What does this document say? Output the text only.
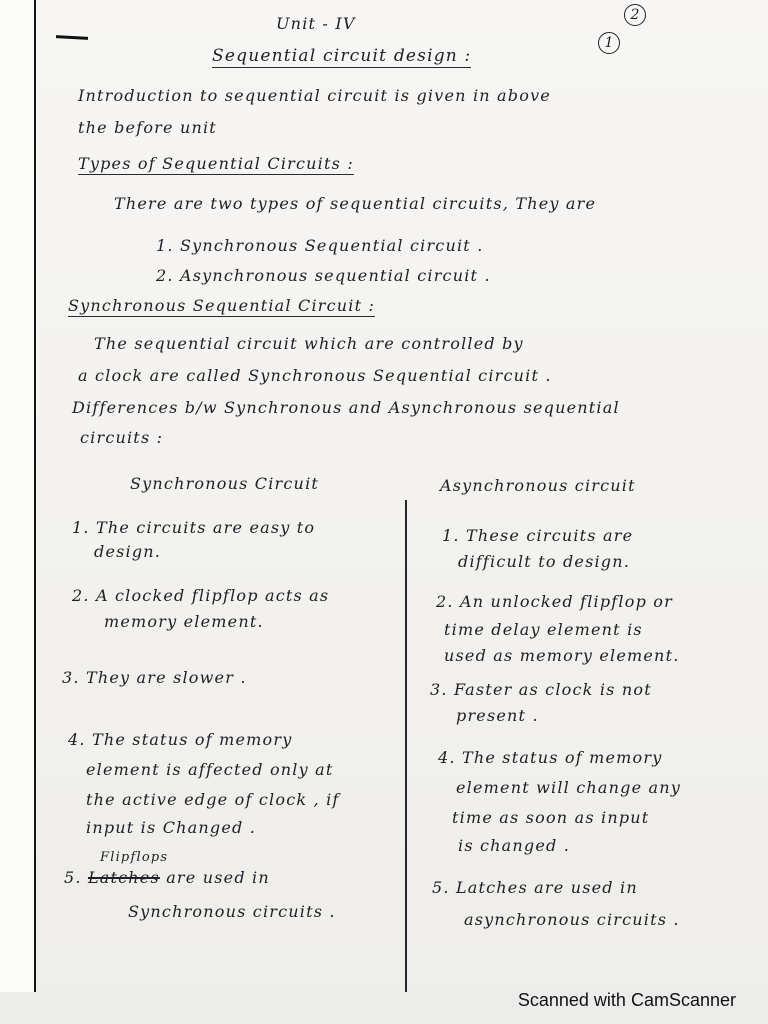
2
1
Unit - IV
Sequential circuit design :
Introduction to sequential circuit is given in above
the before unit
Types of Sequential Circuits :
There are two types of sequential circuits, They are
1. Synchronous Sequential circuit .
2. Asynchronous sequential circuit .
Synchronous Sequential Circuit :
The sequential circuit which are controlled by
a clock are called Synchronous Sequential circuit .
Differences b/w Synchronous and Asynchronous sequential
circuits :
Synchronous Circuit	Asynchronous circuit
1. The circuits are easy to
design.
2. A clocked flipflop acts as
memory element.
3. They are slower .
4. The status of memory
element is affected only at
the active edge of clock , if
input is Changed .
Flipflops
5. Latches are used in
Synchronous circuits .
1. These circuits are
difficult to design.
2. An unlocked flipflop or
time delay element is
used as memory element.
3. Faster as clock is not
present .
4. The status of memory
element will change any
time as soon as input
is changed .
5. Latches are used in
asynchronous circuits .
Scanned with CamScanner
